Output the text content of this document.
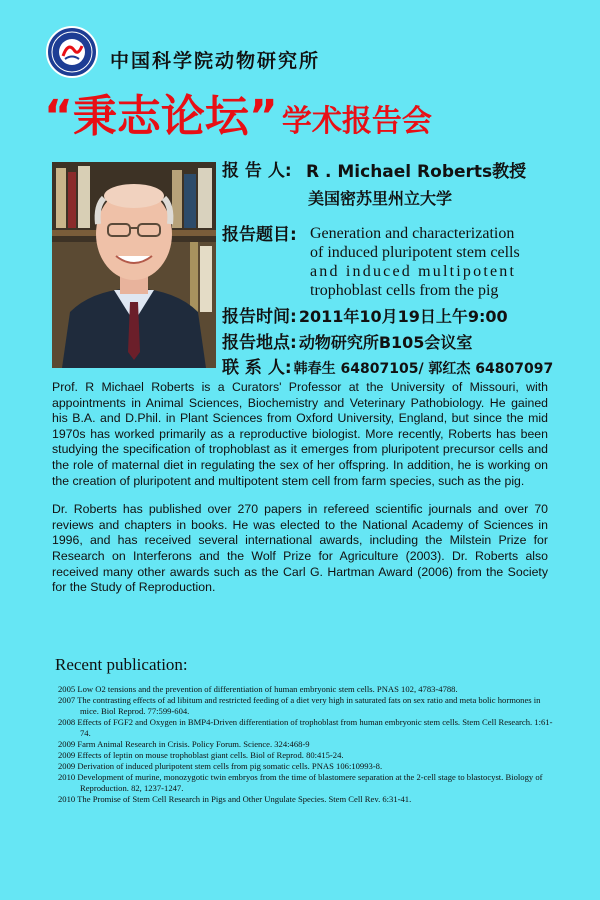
中国科学院动物研究所
“秉志论坛” 学术报告会
报 告 人: R . Michael Roberts教授
美国密苏里州立大学
报告题目: Generation and characterization
of induced pluripotent stem cells
and induced multipotent
trophoblast cells from the pig
报告时间: 2011年10月19日上午9:00
报告地点: 动物研究所B105会议室
联 系 人: 韩春生 64807105/ 郭红杰 64807097

Prof. R Michael Roberts is a Curators' Professor at the University of Missouri, with appointments in Animal Sciences, Biochemistry and Veterinary Pathobiology. He gained his B.A. and D.Phil. in Plant Sciences from Oxford University, England, but since the mid 1970s has worked primarily as a reproductive biologist. More recently, Roberts has been studying the specification of trophoblast as it emerges from pluripotent precursor cells and the role of maternal diet in regulating the sex of her offspring. In addition, he is working on the creation of pluripotent and multipotent stem cell from farm species, such as the pig.

Dr. Roberts has published over 270 papers in refereed scientific journals and over 70 reviews and chapters in books. He was elected to the National Academy of Sciences in 1996, and has received several international awards, including the Milstein Prize for Research on Interferons and the Wolf Prize for Agriculture (2003). Dr. Roberts also received many other awards such as the Carl G. Hartman Award (2006) from the Society for the Study of Reproduction.

Recent publication:
2005 Low O2 tensions and the prevention of differentiation of human embryonic stem cells. PNAS 102, 4783-4788.
2007 The contrasting effects of ad libitum and restricted feeding of a diet very high in saturated fats on sex ratio and meta bolic hormones in mice. Biol Reprod. 77:599-604.
2008 Effects of FGF2 and Oxygen in BMP4-Driven differentiation of trophoblast from human embryonic stem cells. Stem Cell Research. 1:61-74.
2009 Farm Animal Research in Crisis. Policy Forum. Science. 324:468-9
2009 Effects of leptin on mouse trophoblast giant cells. Biol of Reprod. 80:415-24.
2009 Derivation of induced pluripotent stem cells from pig somatic cells. PNAS 106:10993-8.
2010 Development of murine, monozygotic twin embryos from the time of blastomere separation at the 2-cell stage to blastocyst. Biology of Reproduction. 82, 1237-1247.
2010 The Promise of Stem Cell Research in Pigs and Other Ungulate Species. Stem Cell Rev. 6:31-41.
